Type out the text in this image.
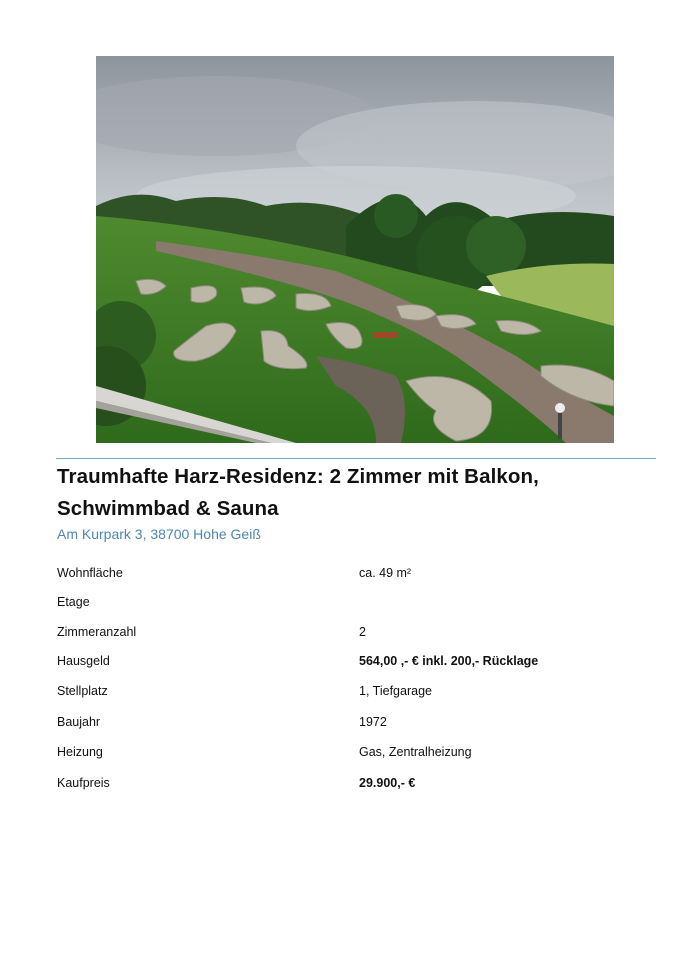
Traumhafte Harz-Residenz: 2 Zimmer mit Balkon,
Schwimmbad & Sauna
Am Kurpark 3, 38700 Hohe Geiß
Wohnfläche	ca. 49 m²
Etage
Zimmeranzahl	2
Hausgeld	564,00 ,- € inkl. 200,- Rücklage
Stellplatz	1, Tiefgarage
Baujahr	1972
Heizung	Gas, Zentralheizung
Kaufpreis	29.900,- €
